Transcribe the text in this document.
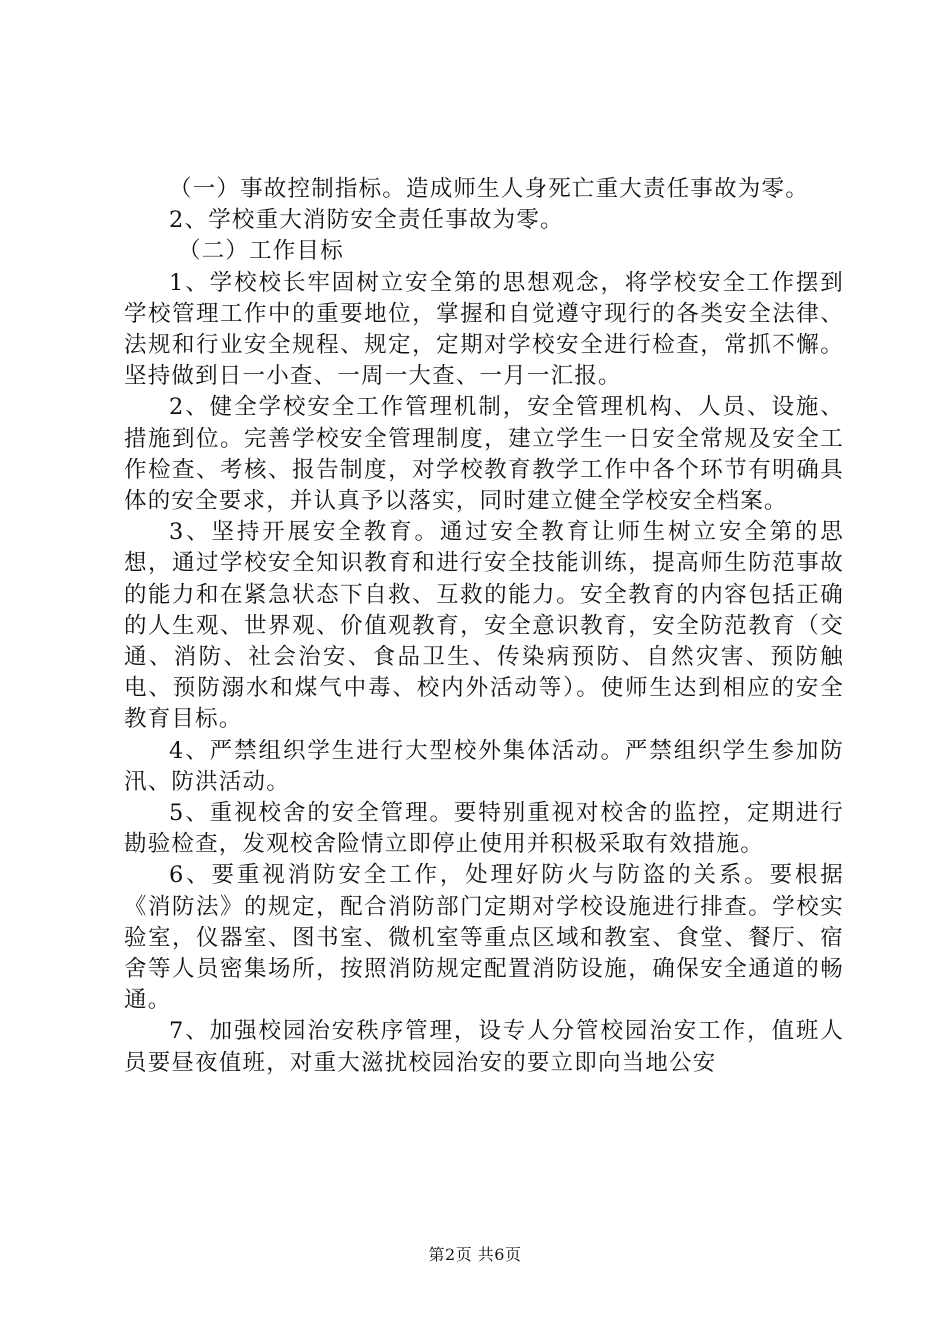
（一）事故控制指标。造成师生人身死亡重大责任事故为零。

2、学校重大消防安全责任事故为零。

（二）工作目标

1、学校校长牢固树立安全第的思想观念，将学校安全工作摆到学校管理工作中的重要地位，掌握和自觉遵守现行的各类安全法律、法规和行业安全规程、规定，定期对学校安全进行检查，常抓不懈。坚持做到日一小查、一周一大查、一月一汇报。

2、健全学校安全工作管理机制，安全管理机构、人员、设施、措施到位。完善学校安全管理制度，建立学生一日安全常规及安全工作检查、考核、报告制度，对学校教育教学工作中各个环节有明确具体的安全要求，并认真予以落实，同时建立健全学校安全档案。

3、坚持开展安全教育。通过安全教育让师生树立安全第的思想，通过学校安全知识教育和进行安全技能训练，提高师生防范事故的能力和在紧急状态下自救、互救的能力。安全教育的内容包括正确的人生观、世界观、价值观教育，安全意识教育，安全防范教育（交通、消防、社会治安、食品卫生、传染病预防、自然灾害、预防触电、预防溺水和煤气中毒、校内外活动等）。使师生达到相应的安全教育目标。

4、严禁组织学生进行大型校外集体活动。严禁组织学生参加防汛、防洪活动。

5、重视校舍的安全管理。要特别重视对校舍的监控，定期进行勘验检查，发观校舍险情立即停止使用并积极采取有效措施。

6、要重视消防安全工作，处理好防火与防盗的关系。要根据《消防法》的规定，配合消防部门定期对学校设施进行排查。学校实验室，仪器室、图书室、微机室等重点区域和教室、食堂、餐厅、宿舍等人员密集场所，按照消防规定配置消防设施，确保安全通道的畅通。

7、加强校园治安秩序管理，设专人分管校园治安工作，值班人员要昼夜值班，对重大滋扰校园治安的要立即向当地公安

第2页 共6页
